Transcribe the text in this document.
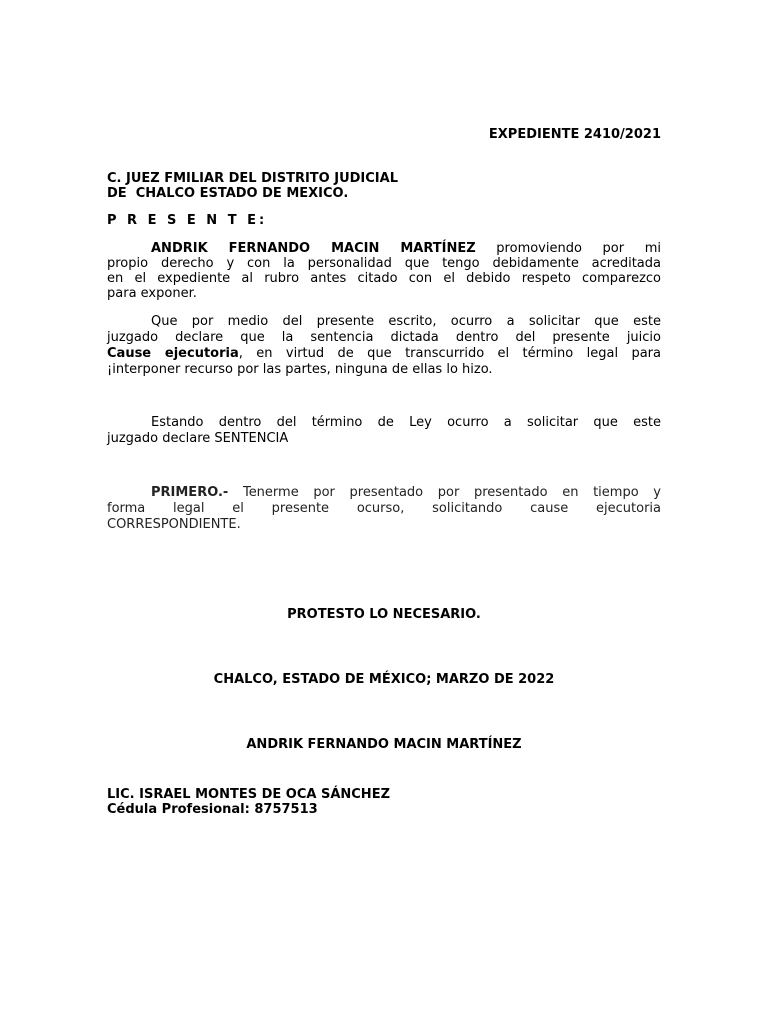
EXPEDIENTE 2410/2021
C. JUEZ FMILIAR DEL DISTRITO JUDICIAL
DE  CHALCO ESTADO DE MEXICO.
P R E S E N T E:
ANDRIK FERNANDO MACIN MARTÍNEZ promoviendo por mi
propio derecho y con la personalidad que tengo debidamente acreditada
en el expediente al rubro antes citado con el debido respeto comparezco
para exponer.
Que por medio del presente escrito, ocurro a solicitar que este
juzgado declare que la sentencia dictada dentro del presente juicio
Cause ejecutoria, en virtud de que transcurrido el término legal para
¡interponer recurso por las partes, ninguna de ellas lo hizo.
Estando dentro del término de Ley ocurro a solicitar que este
juzgado declare SENTENCIA
PRIMERO.- Tenerme por presentado por presentado en tiempo y
forma legal el presente ocurso, solicitando cause ejecutoria
CORRESPONDIENTE.
PROTESTO LO NECESARIO.
CHALCO, ESTADO DE MÉXICO; MARZO DE 2022
ANDRIK FERNANDO MACIN MARTÍNEZ
LIC. ISRAEL MONTES DE OCA SÁNCHEZ
Cédula Profesional: 8757513
